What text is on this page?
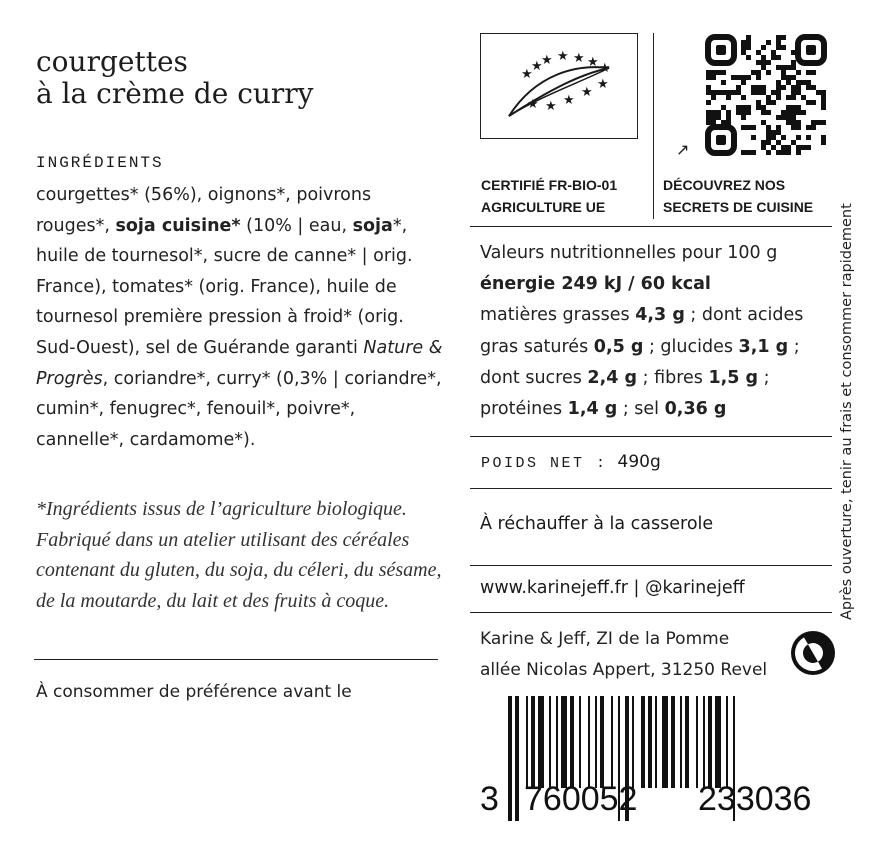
courgettes
à la crème de curry
INGRÉDIENTS
courgettes* (56%), oignons*, poivrons rouges*, soja cuisine* (10% | eau, soja*, huile de tournesol*, sucre de canne* | orig. France), tomates* (orig. France), huile de tournesol première pression à froid* (orig. Sud-Ouest), sel de Guérande garanti Nature & Progrès, coriandre*, curry* (0,3% | coriandre*, cumin*, fenugrec*, fenouil*, poivre*, cannelle*, cardamome*).
*Ingrédients issus de l’agriculture biologique. Fabriqué dans un atelier utilisant des céréales contenant du gluten, du soja, du céleri, du sésame, de la moutarde, du lait et des fruits à coque.
À consommer de préférence avant le
★ ★ ★ ★ ★
★
★
★
★
★
★
★
↗
CERTIFIÉ FR-BIO-01
AGRICULTURE UE
DÉCOUVREZ NOS
SECRETS DE CUISINE
Valeurs nutritionnelles pour 100 g
énergie 249 kJ / 60 kcal
matières grasses 4,3 g ; dont acides
gras saturés 0,5 g ; glucides 3,1 g ;
dont sucres 2,4 g ; fibres 1,5 g ;
protéines 1,4 g ; sel 0,36 g
POIDS NET : 490g
À réchauffer à la casserole
www.karinejeff.fr | @karinejeff
Karine & Jeff, ZI de la Pomme
allée Nicolas Appert, 31250 Revel
Après ouverture, tenir au frais et consommer rapidement
3 760052 233036
